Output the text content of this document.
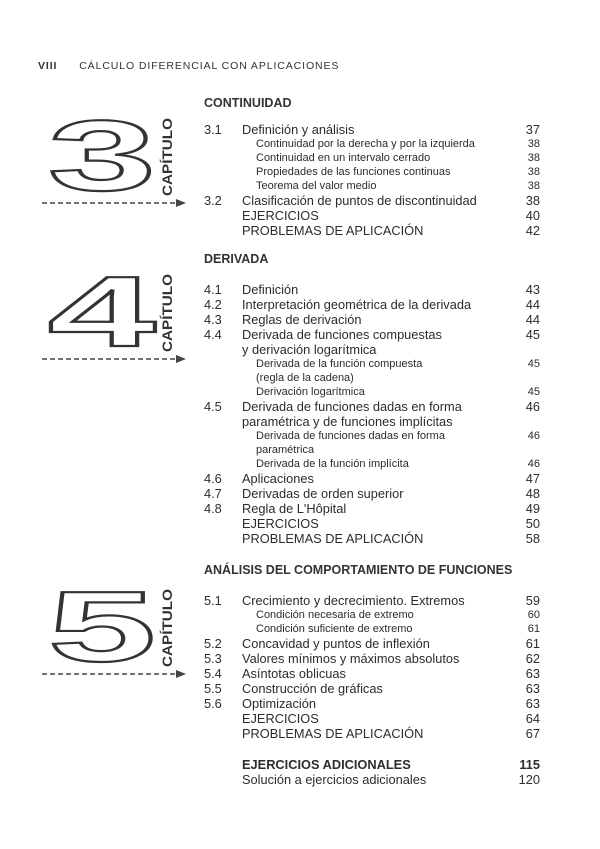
VIII CÁLCULO DIFERENCIAL CON APLICACIONES
3 CAPÍTULO
CONTINUIDAD
3.1 Definición y análisis	37
Continuidad por la derecha y por la izquierda	38
Continuidad en un intervalo cerrado	38
Propiedades de las funciones continuas	38
Teorema del valor medio	38
3.2 Clasificación de puntos de discontinuidad	38
EJERCICIOS	40
PROBLEMAS DE APLICACIÓN	42
4 CAPÍTULO
DERIVADA
4.1 Definición	43
4.2 Interpretación geométrica de la derivada	44
4.3 Reglas de derivación	44
4.4 Derivada de funciones compuestas	45
y derivación logarítmica
Derivada de la función compuesta	45
(regla de la cadena)
Derivación logarítmica	45
4.5 Derivada de funciones dadas en forma	46
paramétrica y de funciones implícitas
Derivada de funciones dadas en forma	46
paramétrica
Derivada de la función implícita	46
4.6 Aplicaciones	47
4.7 Derivadas de orden superior	48
4.8 Regla de L'Hôpital	49
EJERCICIOS	50
PROBLEMAS DE APLICACIÓN	58
5 CAPÍTULO
ANÁLISIS DEL COMPORTAMIENTO DE FUNCIONES
5.1 Crecimiento y decrecimiento. Extremos	59
Condición necesaria de extremo	60
Condición suficiente de extremo	61
5.2 Concavidad y puntos de inflexión	61
5.3 Valores mínimos y máximos absolutos	62
5.4 Asíntotas oblicuas	63
5.5 Construcción de gráficas	63
5.6 Optimización	63
EJERCICIOS	64
PROBLEMAS DE APLICACIÓN	67
EJERCICIOS ADICIONALES	115
Solución a ejercicios adicionales	120
